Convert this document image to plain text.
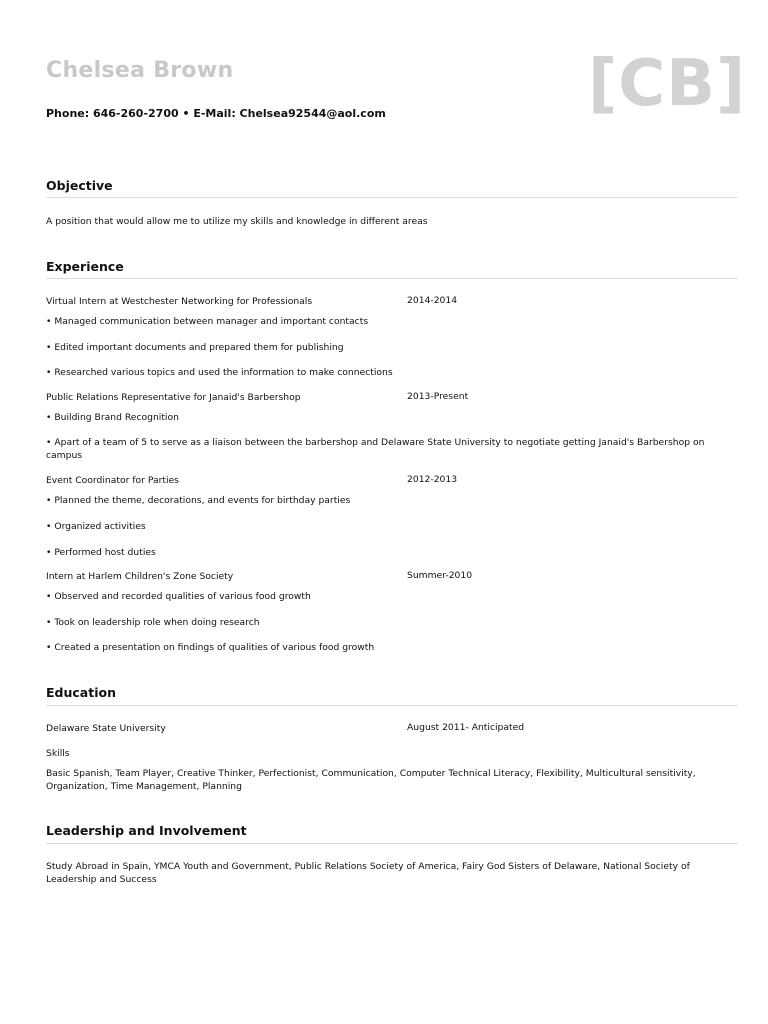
Chelsea Brown	[CB]
Phone: 646-260-2700 • E-Mail: Chelsea92544@aol.com
Objective
A position that would allow me to utilize my skills and knowledge in different areas
Experience
Virtual Intern at Westchester Networking for Professionals	2014-2014
• Managed communication between manager and important contacts
• Edited important documents and prepared them for publishing
• Researched various topics and used the information to make connections
Public Relations Representative for Janaid's Barbershop	2013-Present
• Building Brand Recognition
• Apart of a team of 5 to serve as a liaison between the barbershop and Delaware State University to negotiate getting Janaid's Barbershop on campus
Event Coordinator for Parties	2012-2013
• Planned the theme, decorations, and events for birthday parties
• Organized activities
• Performed host duties
Intern at Harlem Children's Zone Society	Summer-2010
• Observed and recorded qualities of various food growth
• Took on leadership role when doing research
• Created a presentation on findings of qualities of various food growth
Education
Delaware State University	August 2011- Anticipated
Skills
Basic Spanish, Team Player, Creative Thinker, Perfectionist, Communication, Computer Technical Literacy, Flexibility, Multicultural sensitivity, Organization, Time Management, Planning
Leadership and Involvement
Study Abroad in Spain, YMCA Youth and Government, Public Relations Society of America, Fairy God Sisters of Delaware, National Society of Leadership and Success
